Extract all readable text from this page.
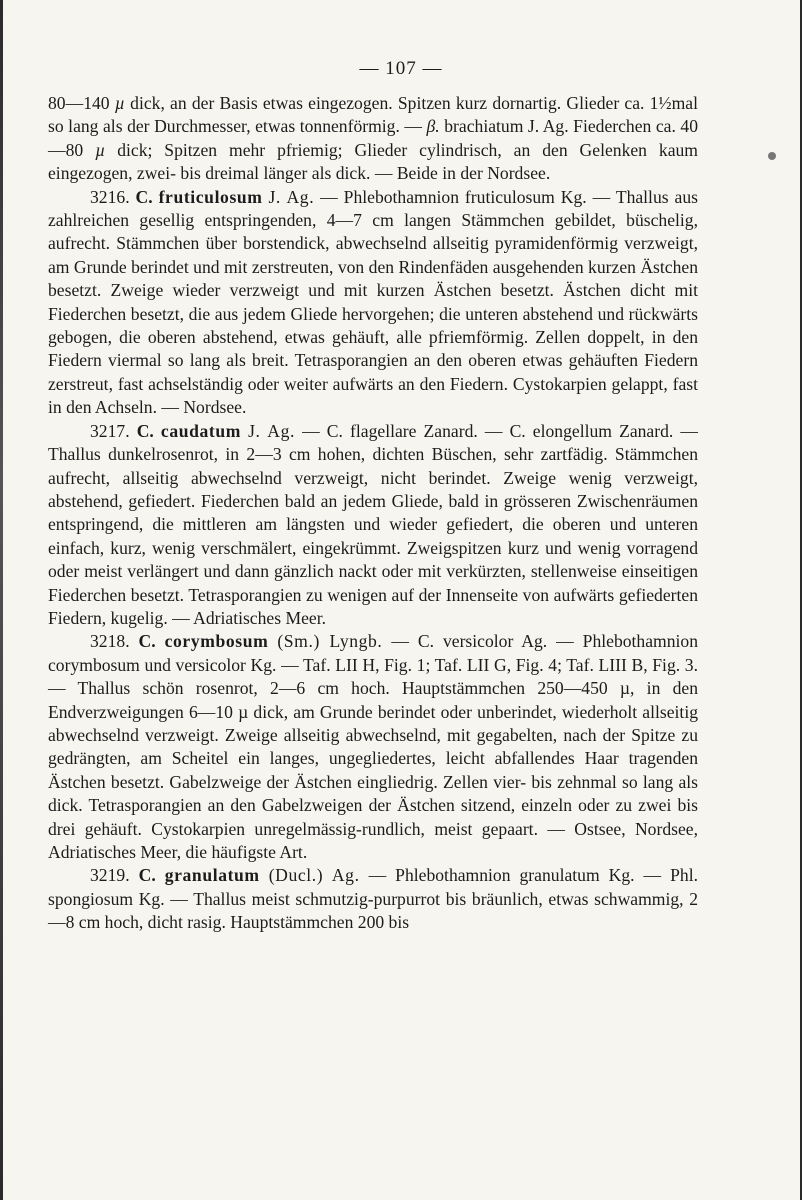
— 107 —

80—140 µ dick, an der Basis etwas eingezogen. Spitzen kurz dornartig. Glieder ca. 1½mal so lang als der Durchmesser, etwas tonnenförmig. — β. brachiatum J. Ag. Fiederchen ca. 40—80 µ dick; Spitzen mehr pfriemig; Glieder cylindrisch, an den Gelenken kaum eingezogen, zwei- bis dreimal länger als dick. — Beide in der Nordsee.

3216. C. fruticulosum J. Ag. — Phlebothamnion fruticulosum Kg. — Thallus aus zahlreichen gesellig entspringenden, 4—7 cm langen Stämmchen gebildet, büschelig, aufrecht. Stämmchen über borstendick, abwechselnd allseitig pyramidenförmig verzweigt, am Grunde berindet und mit zerstreuten, von den Rindenfäden ausgehenden kurzen Ästchen besetzt. Zweige wieder verzweigt und mit kurzen Ästchen besetzt. Ästchen dicht mit Fiederchen besetzt, die aus jedem Gliede hervorgehen; die unteren abstehend und rückwärts gebogen, die oberen abstehend, etwas gehäuft, alle pfriemförmig. Zellen doppelt, in den Fiedern viermal so lang als breit. Tetrasporangien an den oberen etwas gehäuften Fiedern zerstreut, fast achselständig oder weiter aufwärts an den Fiedern. Cystokarpien gelappt, fast in den Achseln. — Nordsee.

3217. C. caudatum J. Ag. — C. flagellare Zanard. — C. elongellum Zanard. — Thallus dunkelrosenrot, in 2—3 cm hohen, dichten Büschen, sehr zartfädig. Stämmchen aufrecht, allseitig abwechselnd verzweigt, nicht berindet. Zweige wenig verzweigt, abstehend, gefiedert. Fiederchen bald an jedem Gliede, bald in grösseren Zwischenräumen entspringend, die mittleren am längsten und wieder gefiedert, die oberen und unteren einfach, kurz, wenig verschmälert, eingekrümmt. Zweigspitzen kurz und wenig vorragend oder meist verlängert und dann gänzlich nackt oder mit verkürzten, stellenweise einseitigen Fiederchen besetzt. Tetrasporangien zu wenigen auf der Innenseite von aufwärts gefiederten Fiedern, kugelig. — Adriatisches Meer.

3218. C. corymbosum (Sm.) Lyngb. — C. versicolor Ag. — Phlebothamnion corymbosum und versicolor Kg. — Taf. LII H, Fig. 1; Taf. LII G, Fig. 4; Taf. LIII B, Fig. 3. — Thallus schön rosenrot, 2—6 cm hoch. Hauptstämmchen 250—450 µ, in den Endverzweigungen 6—10 µ dick, am Grunde berindet oder unberindet, wiederholt allseitig abwechselnd verzweigt. Zweige allseitig abwechselnd, mit gegabelten, nach der Spitze zu gedrängten, am Scheitel ein langes, ungegliedertes, leicht abfallendes Haar tragenden Ästchen besetzt. Gabelzweige der Ästchen eingliedrig. Zellen vier- bis zehnmal so lang als dick. Tetrasporangien an den Gabelzweigen der Ästchen sitzend, einzeln oder zu zwei bis drei gehäuft. Cystokarpien unregelmässig-rundlich, meist gepaart. — Ostsee, Nordsee, Adriatisches Meer, die häufigste Art.

3219. C. granulatum (Ducl.) Ag. — Phlebothamnion granulatum Kg. — Phl. spongiosum Kg. — Thallus meist schmutzig-purpurrot bis bräunlich, etwas schwammig, 2—8 cm hoch, dicht rasig. Hauptstämmchen 200 bis
